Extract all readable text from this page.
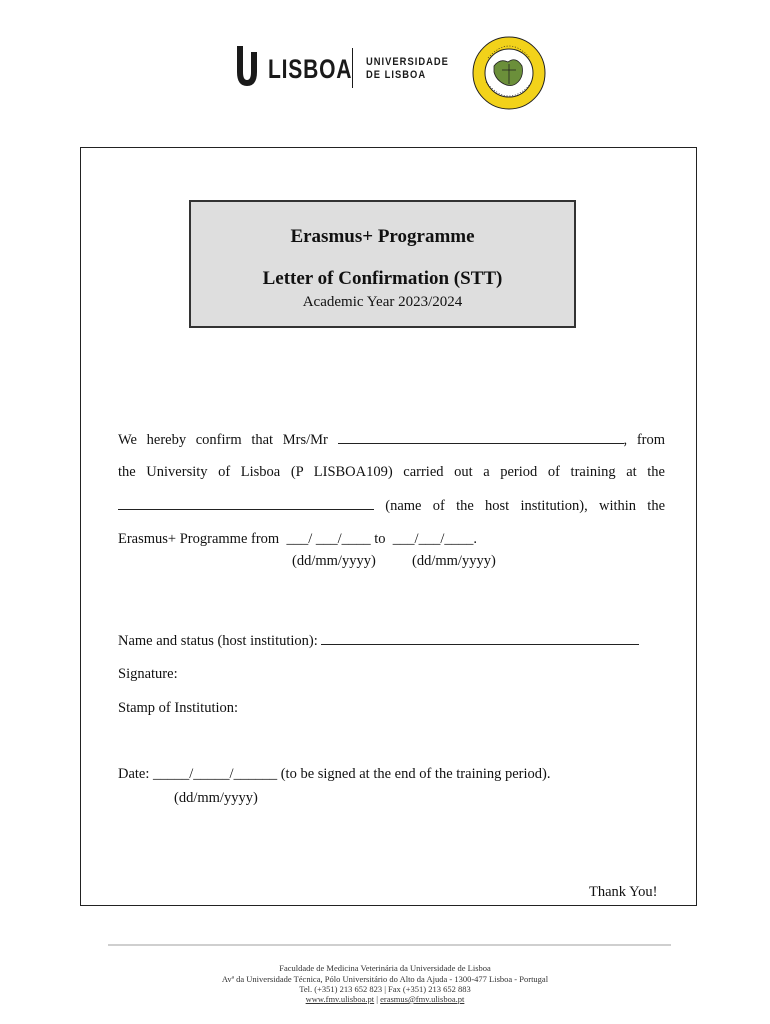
LISBOA UNIVERSIDADE
DE LISBOA
Erasmus+ Programme
Letter of Confirmation (STT)
Academic Year 2023/2024
We hereby confirm that Mrs/Mr	, from
the University of Lisboa (P LISBOA109) carried out a period of training at the
(name of the host institution), within the
Erasmus+ Programme from ___/ ___/____ to ___/___/____.
(dd/mm/yyyy) (dd/mm/yyyy)
Name and status (host institution):
Signature:
Stamp of Institution:
Date: _____/_____/______ (to be signed at the end of the training period).
(dd/mm/yyyy)
Thank You!
Faculdade de Medicina Veterinária da Universidade de Lisboa
Avª da Universidade Técnica, Pólo Universitário do Alto da Ajuda - 1300-477 Lisboa - Portugal
Tel. (+351) 213 652 823 | Fax (+351) 213 652 883
www.fmv.ulisboa.pt | erasmus@fmv.ulisboa.pt
